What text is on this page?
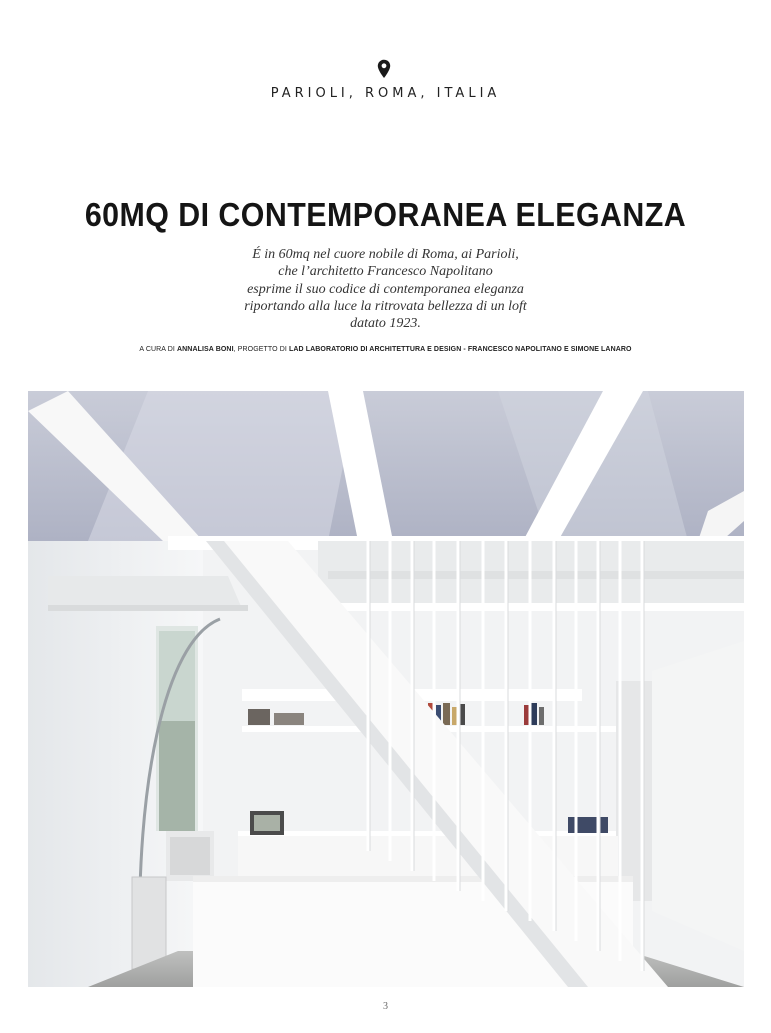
PARIOLI, ROMA, ITALIA
60MQ DI CONTEMPORANEA ELEGANZA
É in 60mq nel cuore nobile di Roma, ai Parioli,
che l’architetto Francesco Napolitano
esprime il suo codice di contemporanea eleganza
riportando alla luce la ritrovata bellezza di un loft
datato 1923.
A CURA DI ANNALISA BONI, PROGETTO DI LAD LABORATORIO DI ARCHITETTURA E DESIGN - FRANCESCO NAPOLITANO E SIMONE LANARO
3
